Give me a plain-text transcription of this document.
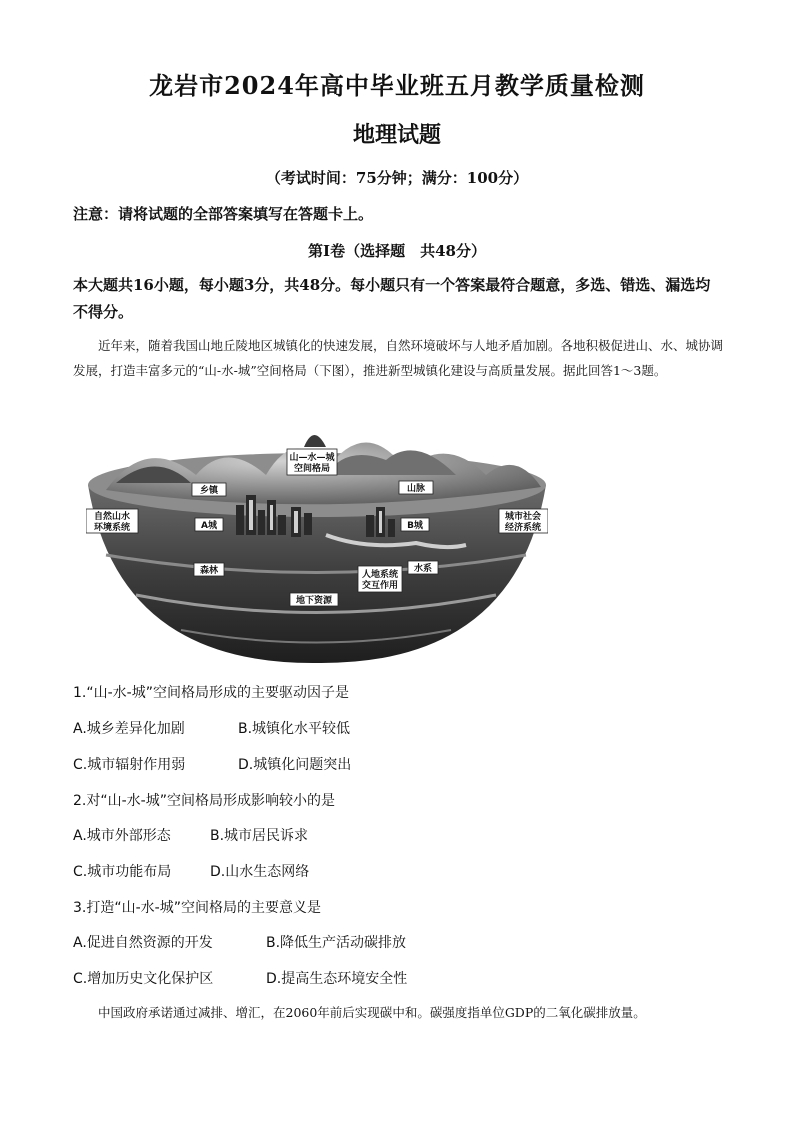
龙岩市2024年高中毕业班五月教学质量检测
地理试题
（考试时间：75分钟；满分：100分）
注意：请将试题的全部答案填写在答题卡上。
第Ⅰ卷（选择题　共48分）
本大题共16小题，每小题3分，共48分。每小题只有一个答案最符合题意，多选、错选、漏选均不得分。
近年来，随着我国山地丘陵地区城镇化的快速发展，自然环境破坏与人地矛盾加剧。各地积极促进山、水、城协调发展，打造丰富多元的“山-水-城”空间格局（下图），推进新型城镇化建设与高质量发展。据此回答1～3题。
山—水—城
空间格局
乡镇	山脉
自然山水
环境系统	A城	B城
城市社会
经济系统
森林	水系
人地系统
交互作用
地下资源
1.“山-水-城”空间格局形成的主要驱动因子是
A.城乡差异化加剧	B.城镇化水平较低
C.城市辐射作用弱	D.城镇化问题突出
2.对“山-水-城”空间格局形成影响较小的是
A.城市外部形态	B.城市居民诉求
C.城市功能布局	D.山水生态网络
3.打造“山-水-城”空间格局的主要意义是
A.促进自然资源的开发	B.降低生产活动碳排放
C.增加历史文化保护区	D.提高生态环境安全性
中国政府承诺通过减排、增汇，在2060年前后实现碳中和。碳强度指单位GDP的二氧化碳排放量。
